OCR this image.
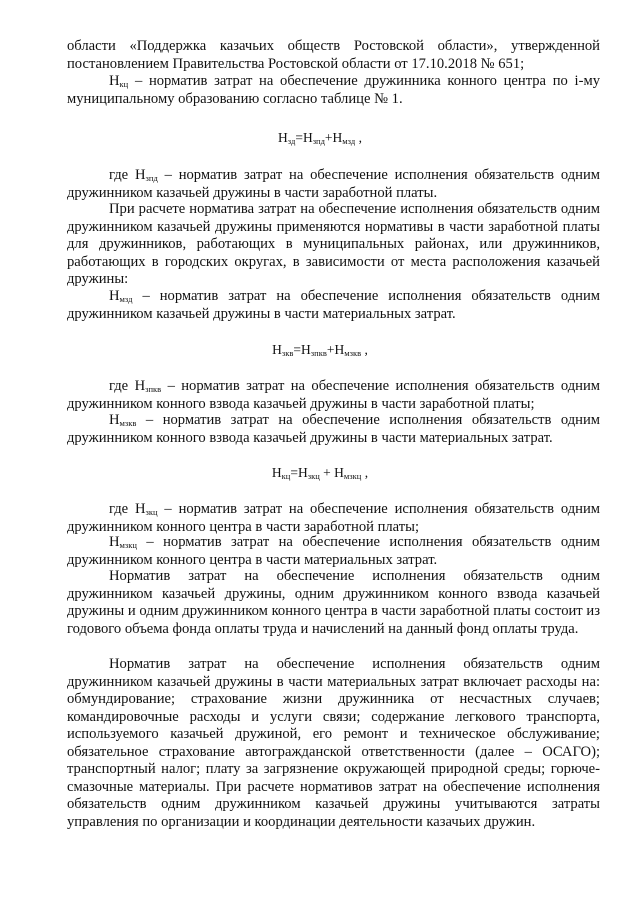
области «Поддержка казачьих обществ Ростовской области», утвержденной постановлением Правительства Ростовской области от 17.10.2018 № 651;

$Н_{кц}$ – норматив затрат на обеспечение дружинника конного центра по i-му муниципальному образованию согласно таблице № 1.

$Н_{зд}=Н_{зпд}+Н_{мзд}$ ,

где $Н_{зпд}$ – норматив затрат на обеспечение исполнения обязательств одним дружинником казачьей дружины в части заработной платы.

При расчете норматива затрат на обеспечение исполнения обязательств одним дружинником казачьей дружины применяются нормативы в части заработной платы для дружинников, работающих в муниципальных районах, или дружинников, работающих в городских округах, в зависимости от места расположения казачьей дружины:

$Н_{мзд}$ – норматив затрат на обеспечение исполнения обязательств одним дружинником казачьей дружины в части материальных затрат.

$Н_{зкв}=Н_{зпкв}+Н_{мзкв}$ ,

где $Н_{зпкв}$ – норматив затрат на обеспечение исполнения обязательств одним дружинником конного взвода казачьей дружины в части заработной платы;

$Н_{мзкв}$ – норматив затрат на обеспечение исполнения обязательств одним дружинником конного взвода казачьей дружины в части материальных затрат.

$Н_{кц}=Н_{зкц} + Н_{мзкц}$ ,

где $Н_{зкц}$ – норматив затрат на обеспечение исполнения обязательств одним дружинником конного центра в части заработной платы;

$Н_{мзкц}$ – норматив затрат на обеспечение исполнения обязательств одним дружинником конного центра в части материальных затрат.

Норматив затрат на обеспечение исполнения обязательств одним дружинником казачьей дружины, одним дружинником конного взвода казачьей дружины и одним дружинником конного центра в части заработной платы состоит из годового объема фонда оплаты труда и начислений на данный фонд оплаты труда.

Норматив затрат на обеспечение исполнения обязательств одним дружинником казачьей дружины в части материальных затрат включает расходы на: обмундирование; страхование жизни дружинника от несчастных случаев; командировочные расходы и услуги связи; содержание легкового транспорта, используемого казачьей дружиной, его ремонт и техническое обслуживание; обязательное страхование автогражданской ответственности (далее – ОСАГО); транспортный налог; плату за загрязнение окружающей природной среды; горюче-смазочные материалы. При расчете нормативов затрат на обеспечение исполнения обязательств одним дружинником казачьей дружины учитываются затраты управления по организации и координации деятельности казачьих дружин.
